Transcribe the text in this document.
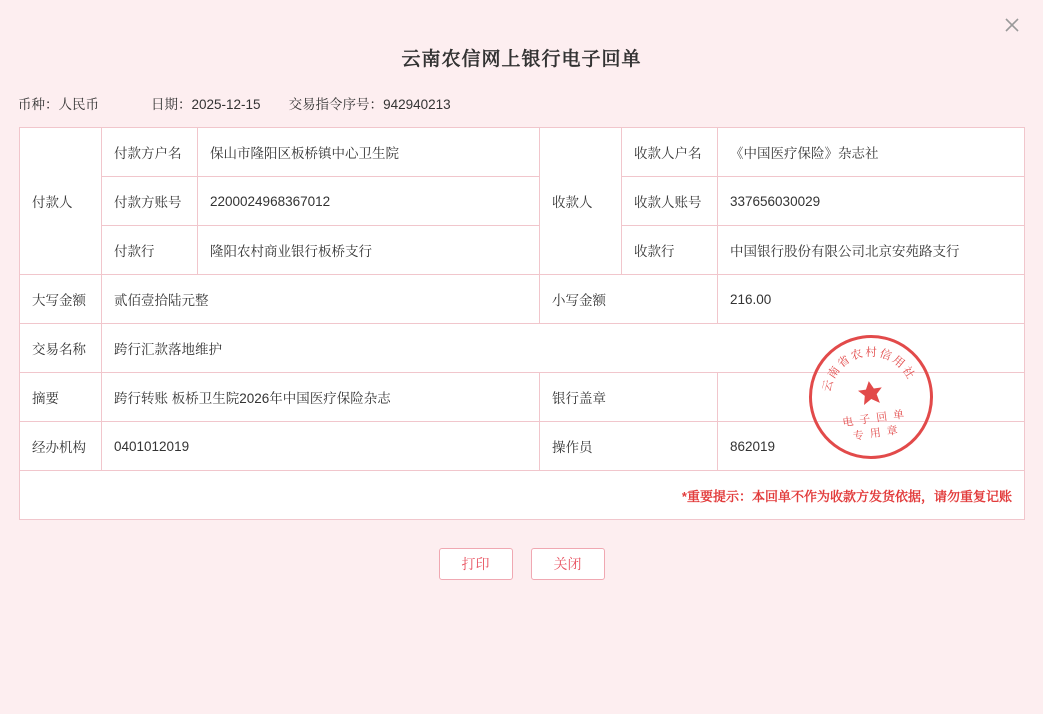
云南农信网上银行电子回单
币种：人民币	日期：2025-12-15 交易指令序号：942940213
付款人	付款方户名	保山市隆阳区板桥镇中心卫生院	收款人	收款人户名	《中国医疗保险》杂志社
	付款方账号	2200024968367012		收款人账号	337656030029
	付款行	隆阳农村商业银行板桥支行		收款行	中国银行股份有限公司北京安苑路支行
大写金额	贰佰壹拾陆元整		小写金额		216.00
交易名称	跨行汇款落地维护				
摘要	跨行转账 板桥卫生院2026年中国医疗保险杂志		银行盖章		云南省农村信用社
电 子 回 单
专 用 章

经办机构	0401012019		操作员		862019
*重要提示：本回单不作为收款方发货依据，请勿重复记账					
打印	关闭
